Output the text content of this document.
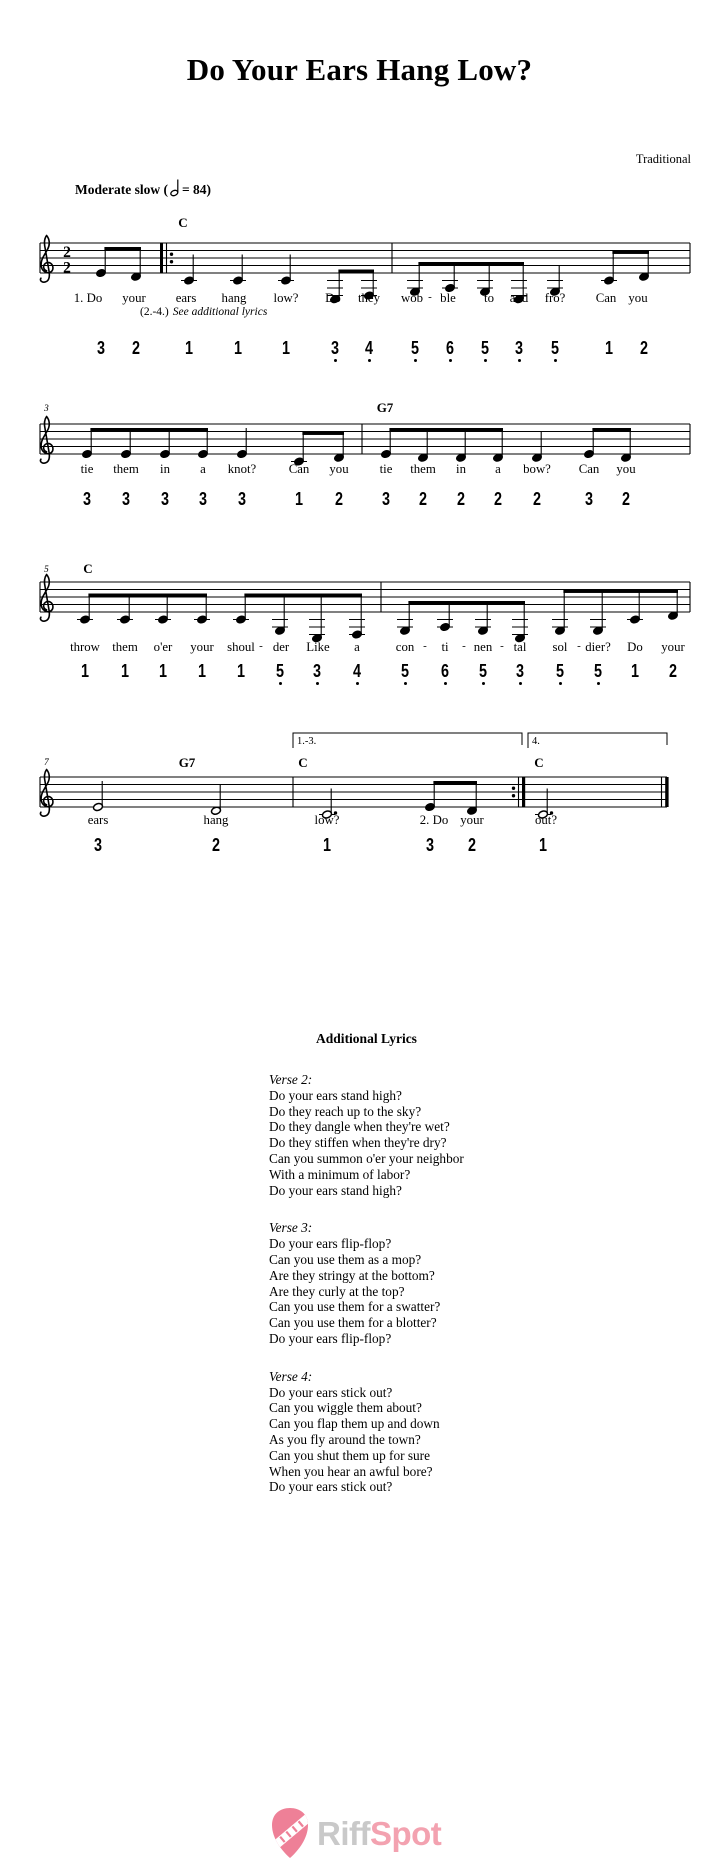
Do Your Ears Hang Low?
Traditional
Moderate slow ( = 84)
2
2
1.-3.	4.
Additional Lyrics
Verse 2:
Do your ears stand high?
Do they reach up to the sky?
Do they dangle when they're wet?
Do they stiffen when they're dry?
Can you summon o'er your neighbor
With a minimum of labor?
Do your ears stand high?
Verse 3:
Do your ears flip-flop?
Can you use them as a mop?
Are they stringy at the bottom?
Are they curly at the top?
Can you use them for a swatter?
Can you use them for a blotter?
Do your ears flip-flop?
Verse 4:
Do your ears stick out?
Can you wiggle them about?
Can you flap them up and down
As you fly around the town?
Can you shut them up for sure
When you hear an awful bore?
Do your ears stick out?
RiffSpot
C
1. Do your ears hang low? Do they wob - ble to and fro? Can you
(2.-4.) See additional lyrics
3 2 1 1 1 3 4 5 6 5 3 5	1 2
G7
3
tie them in a knot?	Can you tie them in a bow? Can you
3 3 3 3 3	1 2 3 2 2 2 2 3 2
C
5
throw them o'er your shoul - der Like a	con - ti - nen - tal sol - dier? Do your
1 1 1 1 1 5 3 4 5 6 5 3 5 5 1 2
G7	C	C
7
ears	hang	low?	2. Do your	out?
3	2	1	3 2	1
